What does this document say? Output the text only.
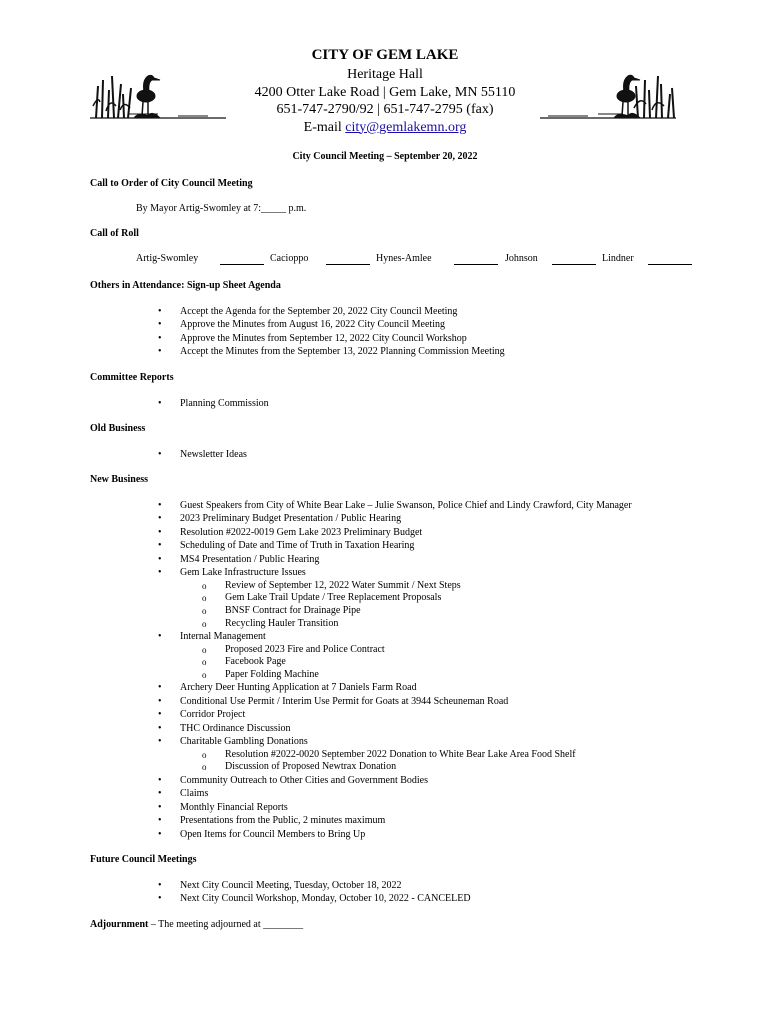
CITY OF GEM LAKE
Heritage Hall
4200 Otter Lake Road | Gem Lake, MN 55110
651-747-2790/92 | 651-747-2795 (fax)
E-mail city@gemlakemn.org
City Council Meeting – September 20, 2022
Call to Order of City Council Meeting
By Mayor Artig-Swomley at 7:_____ p.m.
Call of Roll
Artig-Swomley	Cacioppo	Hynes-Amlee	Johnson	Lindner
Others in Attendance: Sign-up Sheet Agenda
• Accept the Agenda for the September 20, 2022 City Council Meeting
• Approve the Minutes from August 16, 2022 City Council Meeting
• Approve the Minutes from September 12, 2022 City Council Workshop
• Accept the Minutes from the September 13, 2022 Planning Commission Meeting
Committee Reports
• Planning Commission
Old Business
• Newsletter Ideas
New Business
• Guest Speakers from City of White Bear Lake – Julie Swanson, Police Chief and Lindy Crawford, City Manager
• 2023 Preliminary Budget Presentation / Public Hearing
• Resolution #2022-0019 Gem Lake 2023 Preliminary Budget
• Scheduling of Date and Time of Truth in Taxation Hearing
• MS4 Presentation / Public Hearing
• Gem Lake Infrastructure Issues
o Review of September 12, 2022 Water Summit / Next Steps
o Gem Lake Trail Update / Tree Replacement Proposals
o BNSF Contract for Drainage Pipe
o Recycling Hauler Transition
• Internal Management
o Proposed 2023 Fire and Police Contract
o Facebook Page
o Paper Folding Machine
• Archery Deer Hunting Application at 7 Daniels Farm Road
• Conditional Use Permit / Interim Use Permit for Goats at 3944 Scheuneman Road
• Corridor Project
• THC Ordinance Discussion
• Charitable Gambling Donations
o Resolution #2022-0020 September 2022 Donation to White Bear Lake Area Food Shelf
o Discussion of Proposed Newtrax Donation
• Community Outreach to Other Cities and Government Bodies
• Claims
• Monthly Financial Reports
• Presentations from the Public, 2 minutes maximum
• Open Items for Council Members to Bring Up
Future Council Meetings
• Next City Council Meeting, Tuesday, October 18, 2022
• Next City Council Workshop, Monday, October 10, 2022 - CANCELED
Adjournment – The meeting adjourned at ________
